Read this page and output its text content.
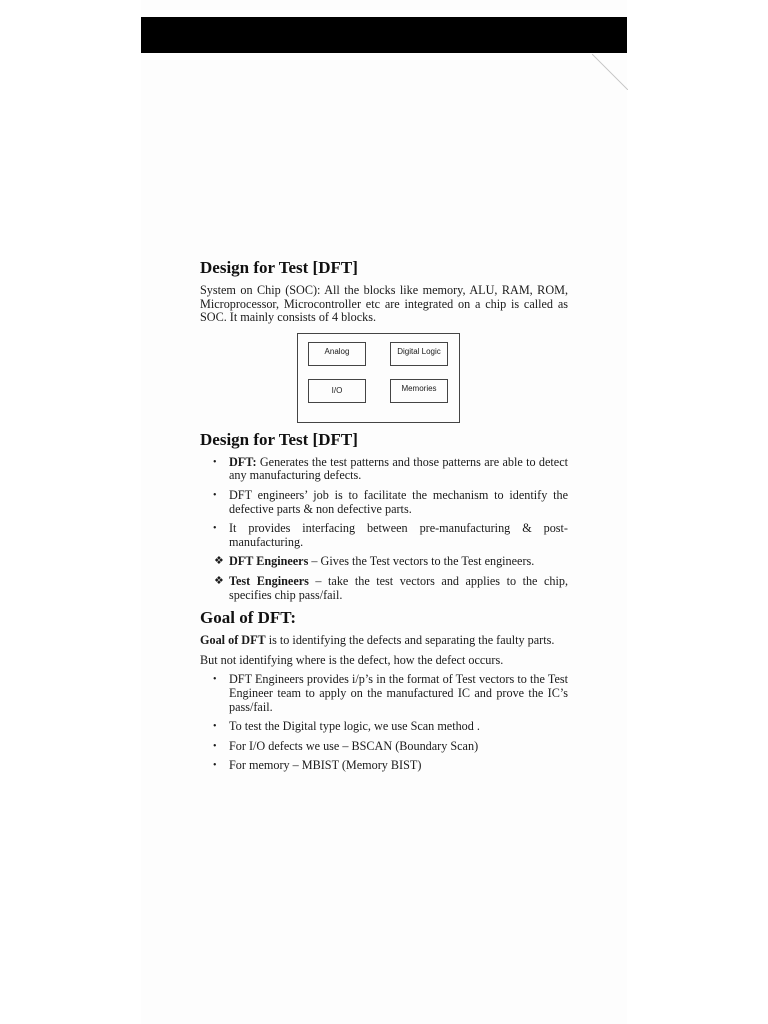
Design for Test [DFT]

System on Chip (SOC): All the blocks like memory, ALU, RAM, ROM, Microprocessor, Microcontroller etc are integrated on a chip is called as SOC. It mainly consists of 4 blocks.

Analog	Digital Logic
I/O	Memories
Design for Test [DFT]
• DFT: Generates the test patterns and those patterns are able to detect any manufacturing defects.
• DFT engineers’ job is to facilitate the mechanism to identify the defective parts & non defective parts.
• It provides interfacing between pre-manufacturing & post-manufacturing.
❖ DFT Engineers – Gives the Test vectors to the Test engineers.
❖ Test Engineers – take the test vectors and applies to the chip, specifies chip pass/fail.
Goal of DFT:

Goal of DFT is to identifying the defects and separating the faulty parts.

But not identifying where is the defect, how the defect occurs.

• DFT Engineers provides i/p’s in the format of Test vectors to the Test Engineer team to apply on the manufactured IC and prove the IC’s pass/fail.
• To test the Digital type logic, we use Scan method .
• For I/O defects we use – BSCAN (Boundary Scan)
• For memory – MBIST (Memory BIST)
